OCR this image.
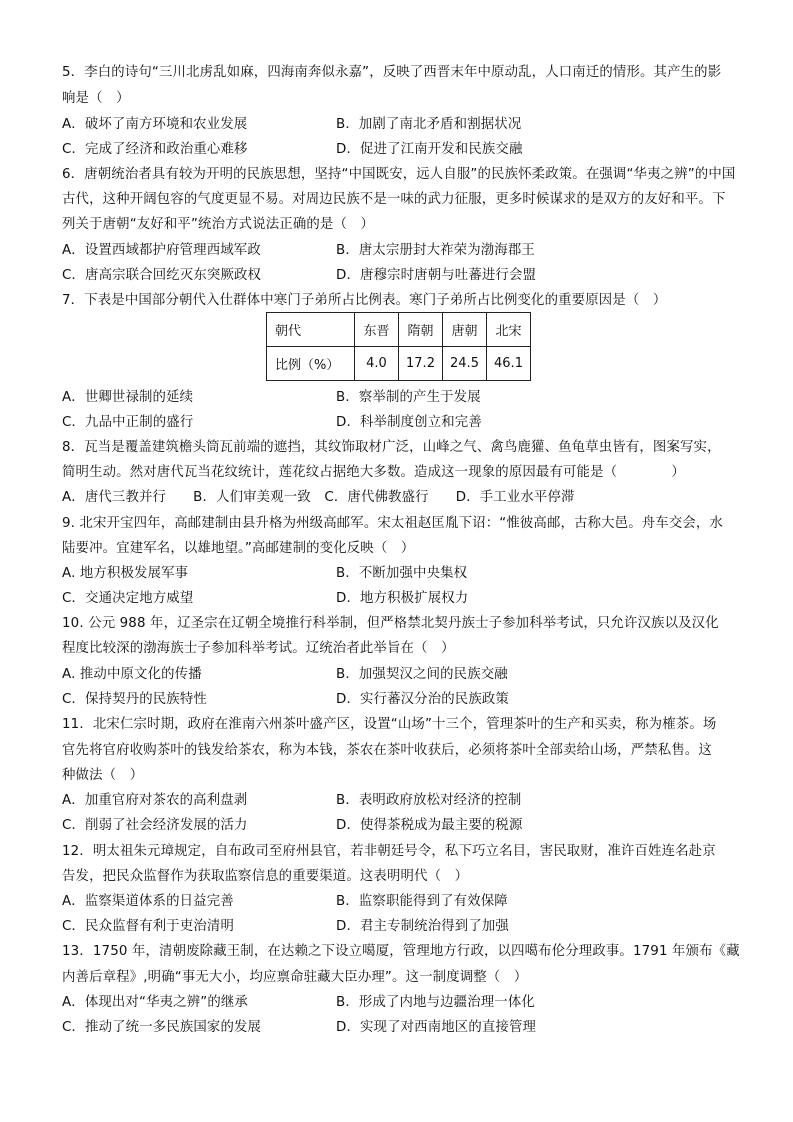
5．李白的诗句“三川北虏乱如麻，四海南奔似永嘉”，反映了西晋末年中原动乱，人口南迁的情形。其产生的影
响是（　）
A．破坏了南方环境和农业发展	B．加剧了南北矛盾和割据状况
C．完成了经济和政治重心难移	D．促进了江南开发和民族交融
6．唐朝统治者具有较为开明的民族思想，坚持“中国既安，远人自服”的民族怀柔政策。在强调“华夷之辨”的中国
古代，这种开阔包容的气度更显不易。对周边民族不是一味的武力征服，更多时候谋求的是双方的友好和平。下
列关于唐朝“友好和平”统治方式说法正确的是（　）
A．设置西域都护府管理西域军政	B．唐太宗册封大祚荣为渤海郡王
C．唐高宗联合回纥灭东突厥政权	D．唐穆宗时唐朝与吐蕃进行会盟
7．下表是中国部分朝代入仕群体中寒门子弟所占比例表。寒门子弟所占比例变化的重要原因是（　）
朝代	东晋	隋朝	唐朝	北宋
比例（%）	4.0	17.2	24.5	46.1
A．世卿世禄制的延续	B．察举制的产生于发展
C．九品中正制的盛行	D．科举制度创立和完善
8．瓦当是覆盖建筑檐头筒瓦前端的遮挡，其纹饰取材广泛，山峰之气、禽鸟鹿獾、鱼龟草虫皆有，图案写实，
简明生动。然对唐代瓦当花纹统计，莲花纹占据绝大多数。造成这一现象的原因最有可能是（　　　　）
A．唐代三教并行　　B．人们审美观一致　C．唐代佛教盛行　　D．手工业水平停滞
9. 北宋开宝四年，高邮建制由县升格为州级高邮军。宋太祖赵匡胤下诏：“惟彼高邮，古称大邑。舟车交会，水
陆要冲。宜建军名，以雄地望。”高邮建制的变化反映（　）
A. 地方积极发展军事	B．不断加强中央集权
C．交通决定地方威望	D．地方积极扩展权力
10. 公元 988 年，辽圣宗在辽朝全境推行科举制，但严格禁北契丹族士子参加科举考试，只允许汉族以及汉化
程度比较深的渤海族士子参加科举考试。辽统治者此举旨在（　）
A. 推动中原文化的传播	B．加强契汉之间的民族交融
C．保持契丹的民族特性	D．实行蕃汉分治的民族政策
11．北宋仁宗时期，政府在淮南六州茶叶盛产区，设置“山场”十三个，管理茶叶的生产和买卖，称为榷茶。场
官先将官府收购茶叶的钱发给茶农，称为本钱，茶农在茶叶收获后，必须将茶叶全部卖给山场，严禁私售。这
种做法（　）
A．加重官府对茶农的高利盘剥	B．表明政府放松对经济的控制
C．削弱了社会经济发展的活力	D．使得茶税成为最主要的税源
12．明太祖朱元璋规定，自布政司至府州县官，若非朝廷号令，私下巧立名目，害民取财，准许百姓连名赴京
告发，把民众监督作为获取监察信息的重要渠道。这表明明代（　）
A．监察渠道体系的日益完善	B．监察职能得到了有效保障
C．民众监督有利于吏治清明	D．君主专制统治得到了加强
13．1750 年，清朝废除藏王制，在达赖之下设立噶厦，管理地方行政，以四噶布伦分理政事。1791 年颁布《藏
内善后章程》,明确“事无大小，均应禀命驻藏大臣办理”。这一制度调整（　）
A．体现出对“华夷之辨”的继承	B．形成了内地与边疆治理一体化
C．推动了统一多民族国家的发展	D．实现了对西南地区的直接管理
